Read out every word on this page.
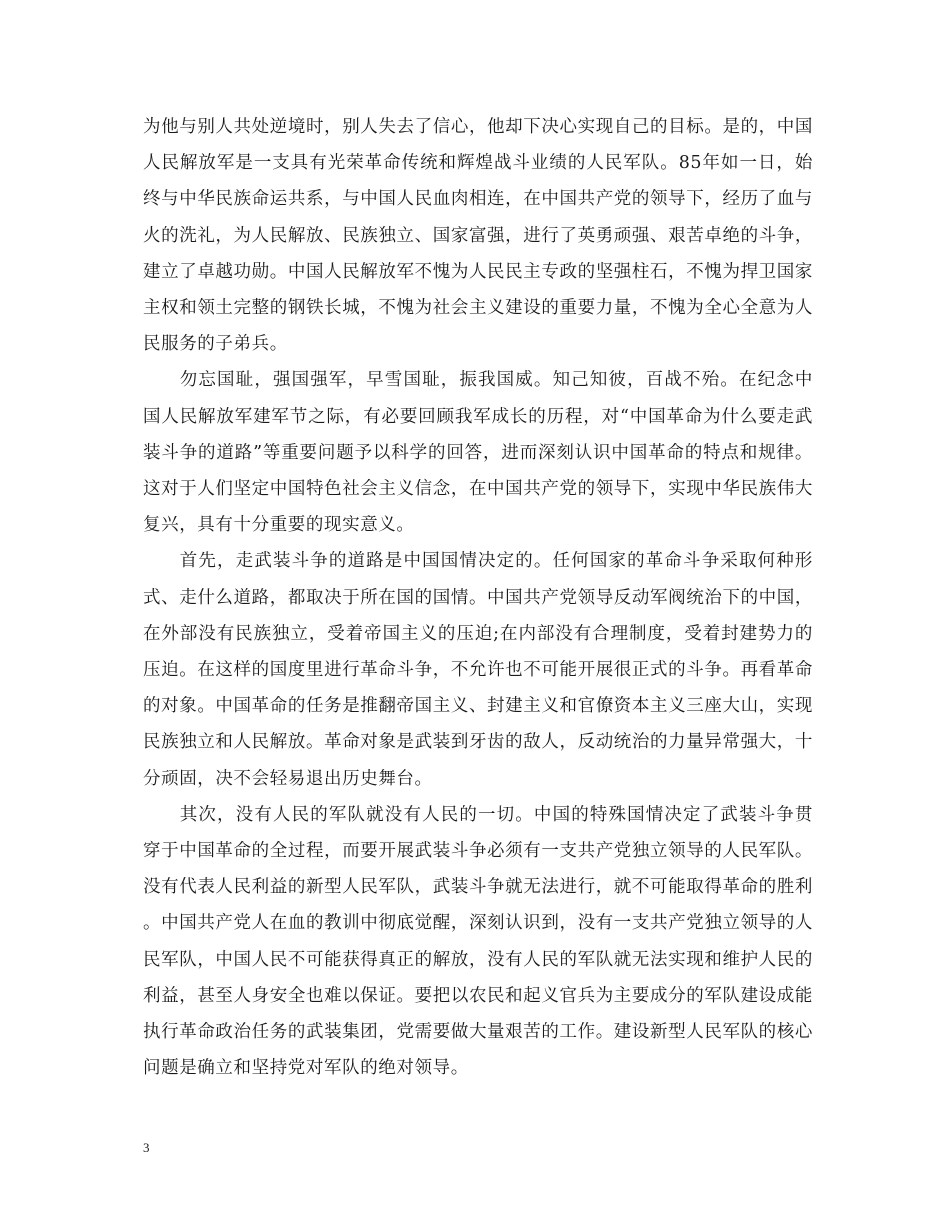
为他与别人共处逆境时，别人失去了信心，他却下决心实现自己的目标。是的，中国人民解放军是一支具有光荣革命传统和辉煌战斗业绩的人民军队。85年如一日，始终与中华民族命运共系，与中国人民血肉相连，在中国共产党的领导下，经历了血与火的洗礼，为人民解放、民族独立、国家富强，进行了英勇顽强、艰苦卓绝的斗争，建立了卓越功勋。中国人民解放军不愧为人民民主专政的坚强柱石，不愧为捍卫国家主权和领土完整的钢铁长城，不愧为社会主义建设的重要力量，不愧为全心全意为人民服务的子弟兵。

勿忘国耻，强国强军，早雪国耻，振我国威。知己知彼，百战不殆。在纪念中国人民解放军建军节之际，有必要回顾我军成长的历程，对“中国革命为什么要走武装斗争的道路”等重要问题予以科学的回答，进而深刻认识中国革命的特点和规律。这对于人们坚定中国特色社会主义信念，在中国共产党的领导下，实现中华民族伟大复兴，具有十分重要的现实意义。

首先，走武装斗争的道路是中国国情决定的。任何国家的革命斗争采取何种形式、走什么道路，都取决于所在国的国情。中国共产党领导反动军阀统治下的中国，在外部没有民族独立，受着帝国主义的压迫;在内部没有合理制度，受着封建势力的压迫。在这样的国度里进行革命斗争，不允许也不可能开展很正式的斗争。再看革命的对象。中国革命的任务是推翻帝国主义、封建主义和官僚资本主义三座大山，实现民族独立和人民解放。革命对象是武装到牙齿的敌人，反动统治的力量异常强大，十分顽固，决不会轻易退出历史舞台。

其次，没有人民的军队就没有人民的一切。中国的特殊国情决定了武装斗争贯穿于中国革命的全过程，而要开展武装斗争必须有一支共产党独立领导的人民军队。没有代表人民利益的新型人民军队，武装斗争就无法进行，就不可能取得革命的胜利。中国共产党人在血的教训中彻底觉醒，深刻认识到，没有一支共产党独立领导的人民军队，中国人民不可能获得真正的解放，没有人民的军队就无法实现和维护人民的利益，甚至人身安全也难以保证。要把以农民和起义官兵为主要成分的军队建设成能执行革命政治任务的武装集团，党需要做大量艰苦的工作。建设新型人民军队的核心问题是确立和坚持党对军队的绝对领导。

3
